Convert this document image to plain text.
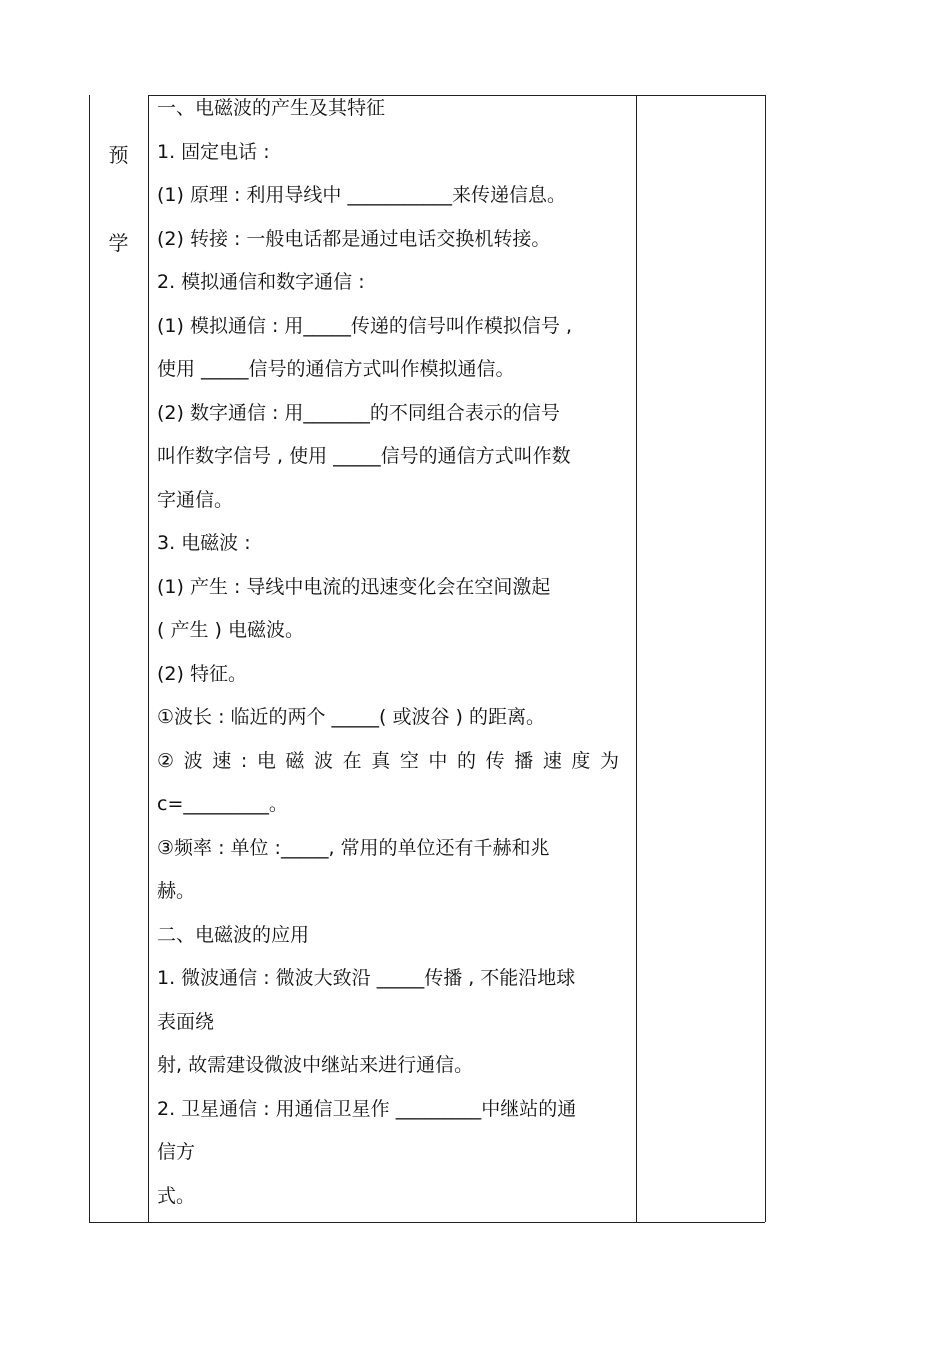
预
学
一、电磁波的产生及其特征
1. 固定电话 :
(1) 原理 : 利用导线中 ___________来传递信息。
(2) 转接 : 一般电话都是通过电话交换机转接。
2. 模拟通信和数字通信 :
(1) 模拟通信 : 用_____传递的信号叫作模拟信号 ,
使用 _____信号的通信方式叫作模拟通信。
(2) 数字通信 : 用_______的不同组合表示的信号
叫作数字信号 , 使用 _____信号的通信方式叫作数
字通信。
3. 电磁波 :
(1) 产生 : 导线中电流的迅速变化会在空间激起
( 产生 ) 电磁波。
(2) 特征。
①波长 : 临近的两个 _____( 或波谷 ) 的距离。
②波速:电磁波在真空中的传播速度为
c=_________。
③频率 : 单位 :_____, 常用的单位还有千赫和兆
赫。
二、电磁波的应用
1. 微波通信 : 微波大致沿 _____传播 , 不能沿地球
表面绕
射, 故需建设微波中继站来进行通信。
2. 卫星通信 : 用通信卫星作 _________中继站的通
信方
式。
